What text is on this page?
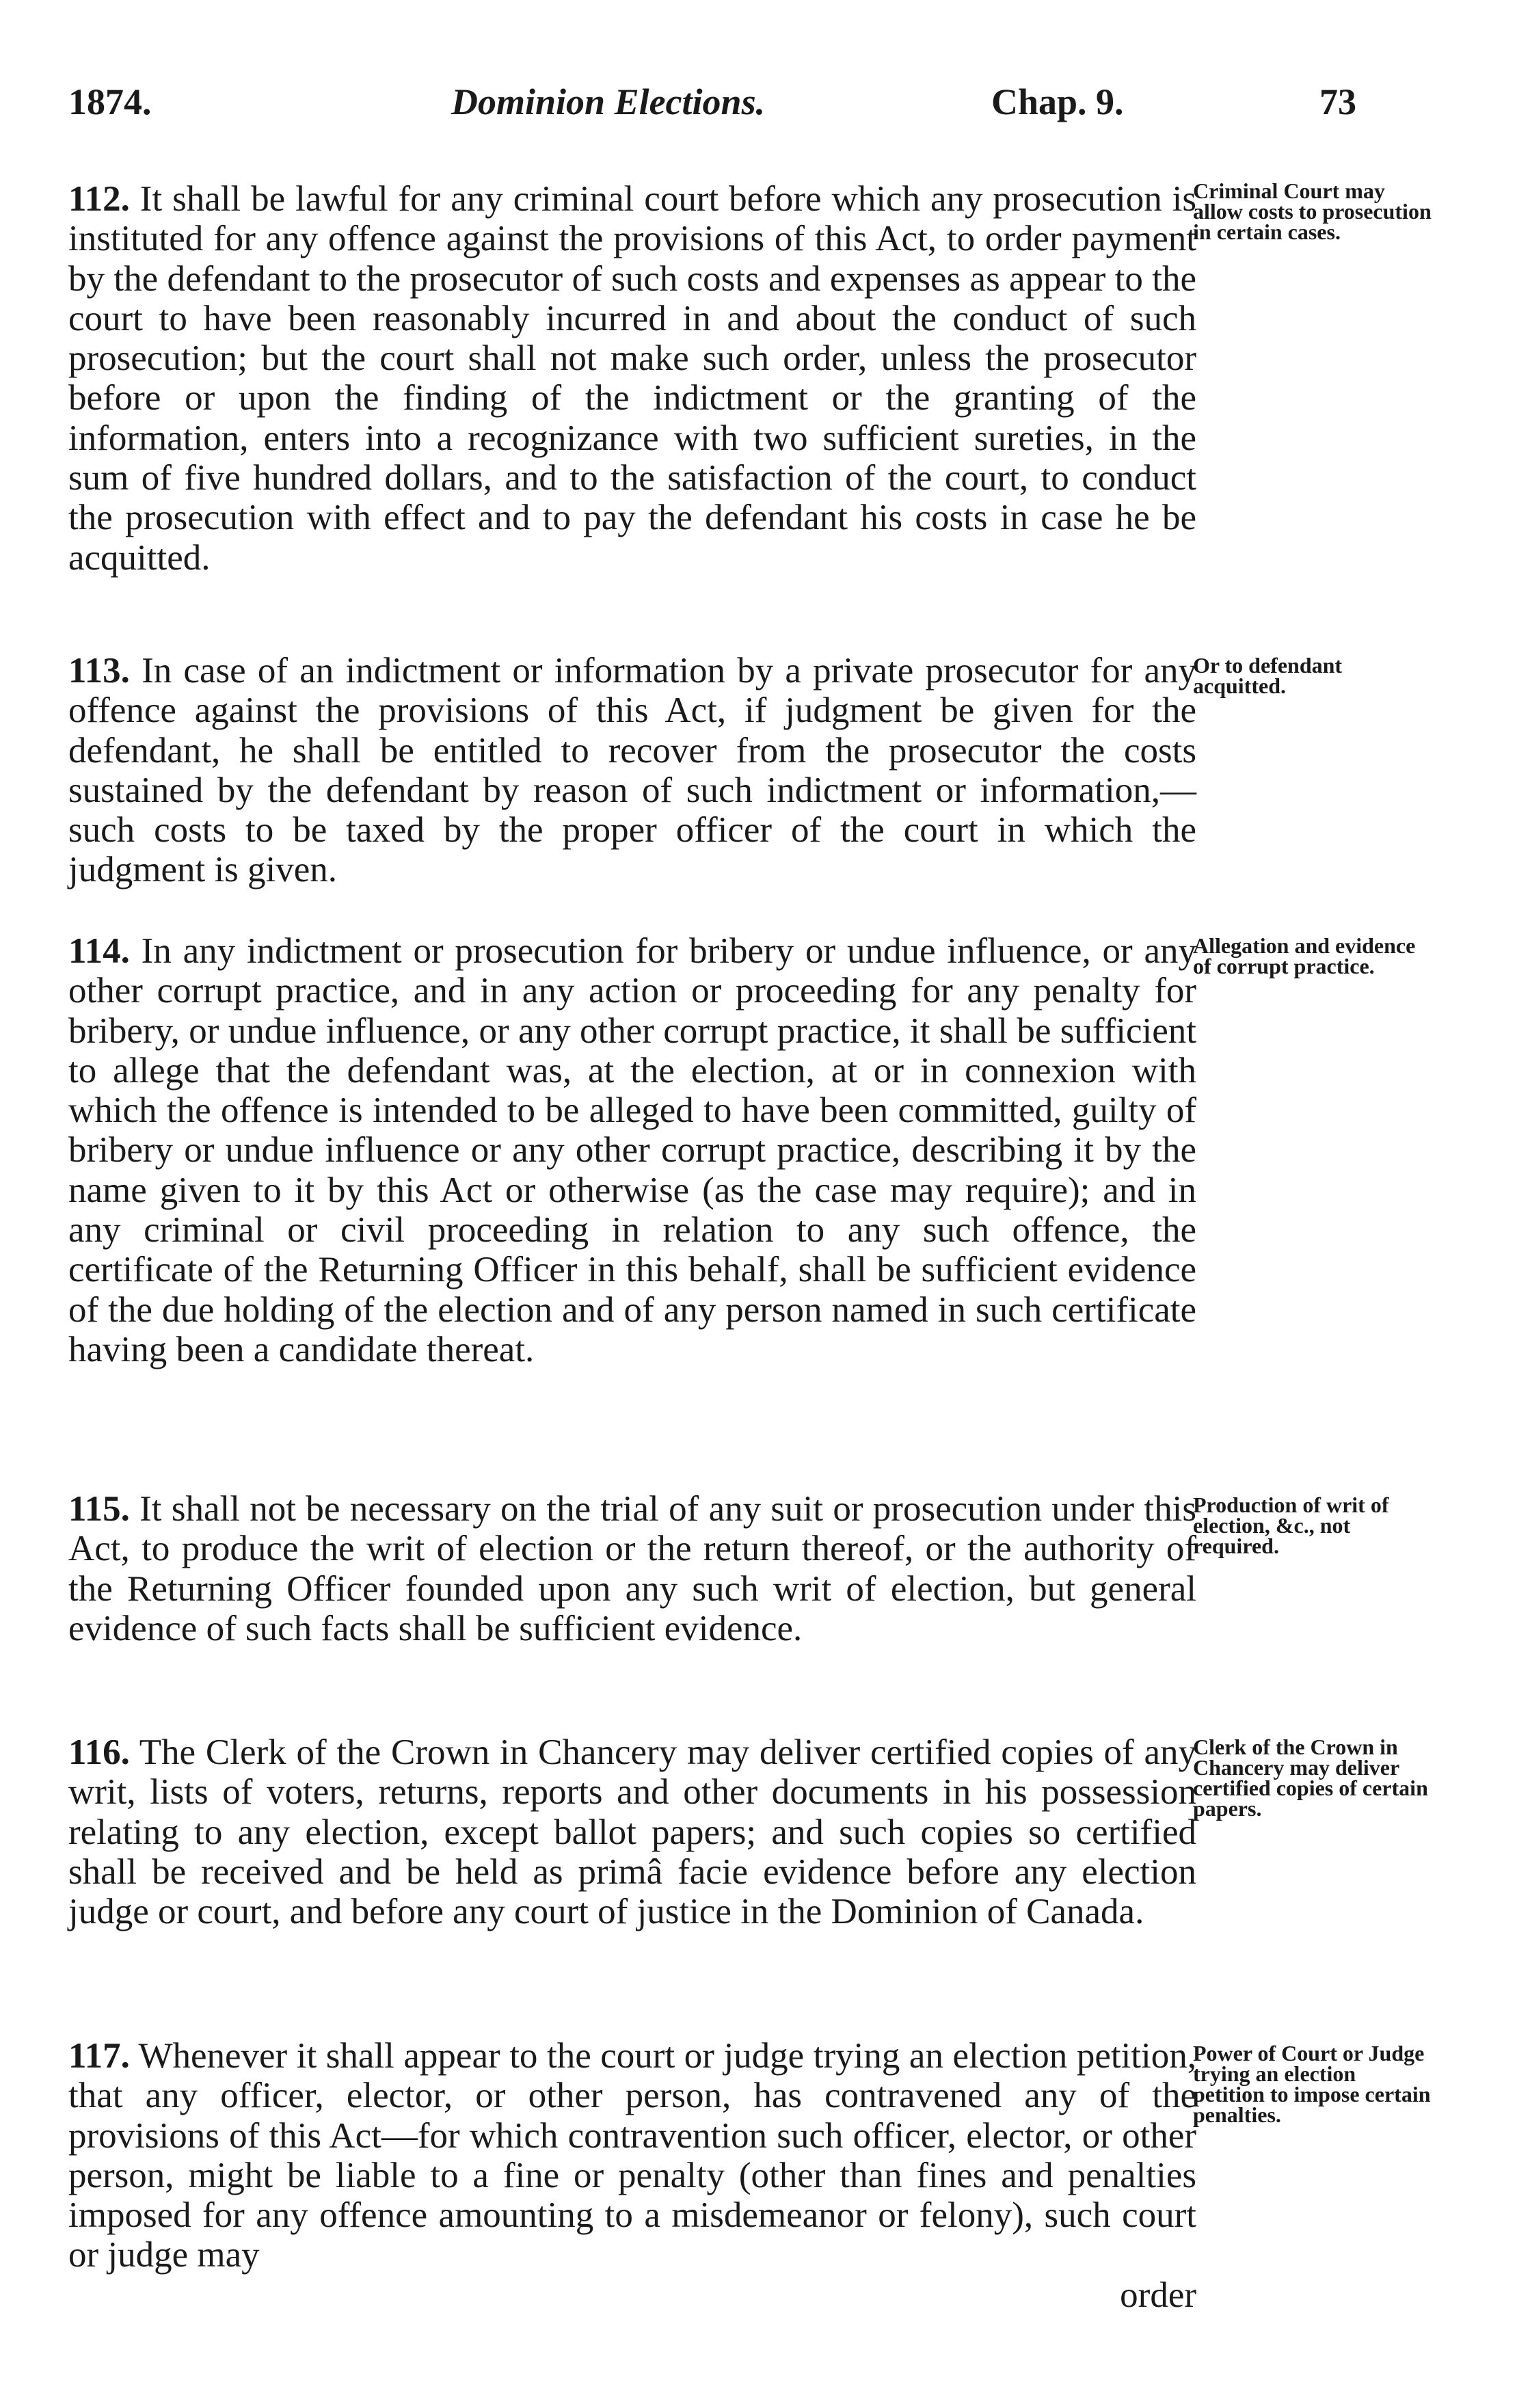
1874.	Dominion Elections.	Chap. 9.	73

112. It shall be lawful for any criminal court before which any prosecution is instituted for any offence against the provisions of this Act, to order payment by the defendant to the prosecutor of such costs and expenses as appear to the court to have been reasonably incurred in and about the conduct of such prosecution; but the court shall not make such order, unless the prosecutor before or upon the finding of the indictment or the granting of the information, enters into a recognizance with two sufficient sureties, in the sum of five hundred dollars, and to the satisfaction of the court, to conduct the prosecution with effect and to pay the defendant his costs in case he be acquitted.

Criminal Court may allow costs to prosecution in certain cases.

113. In case of an indictment or information by a private prosecutor for any offence against the provisions of this Act, if judgment be given for the defendant, he shall be entitled to recover from the prosecutor the costs sustained by the defendant by reason of such indictment or information,—such costs to be taxed by the proper officer of the court in which the judgment is given.

Or to defendant acquitted.

114. In any indictment or prosecution for bribery or undue influence, or any other corrupt practice, and in any action or proceeding for any penalty for bribery, or undue influence, or any other corrupt practice, it shall be sufficient to allege that the defendant was, at the election, at or in connexion with which the offence is intended to be alleged to have been committed, guilty of bribery or undue influence or any other corrupt practice, describing it by the name given to it by this Act or otherwise (as the case may require); and in any criminal or civil proceeding in relation to any such offence, the certificate of the Returning Officer in this behalf, shall be sufficient evidence of the due holding of the election and of any person named in such certificate having been a candidate thereat.

Allegation and evidence of corrupt practice.

115. It shall not be necessary on the trial of any suit or prosecution under this Act, to produce the writ of election or the return thereof, or the authority of the Returning Officer founded upon any such writ of election, but general evidence of such facts shall be sufficient evidence.

Production of writ of election, &c., not required.

116. The Clerk of the Crown in Chancery may deliver certified copies of any writ, lists of voters, returns, reports and other documents in his possession relating to any election, except ballot papers; and such copies so certified shall be received and be held as primâ facie evidence before any election judge or court, and before any court of justice in the Dominion of Canada.

Clerk of the Crown in Chancery may deliver certified copies of certain papers.

117. Whenever it shall appear to the court or judge trying an election petition, that any officer, elector, or other person, has contravened any of the provisions of this Act—for which contravention such officer, elector, or other person, might be liable to a fine or penalty (other than fines and penalties imposed for any offence amounting to a misdemeanor or felony), such court or judge may

order

Power of Court or Judge trying an election petition to impose certain penalties.
